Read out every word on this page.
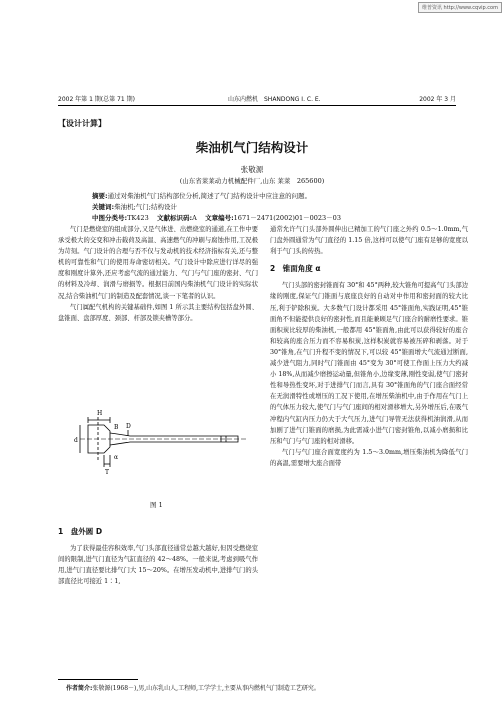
维普资讯 http://www.cqvip.com
2002 年第 1 期(总第 71 期)	山东内燃机　SHANDONG I. C. E.	2002 年 3 月
【设计计算】
柴油机气门结构设计
张敬源
(山东省莱莱动力机械配件厂,山东 莱莱　265600)
摘要:通过对柴油机气门结构部位分析,简述了气门结构设计中应注意的问题。
关键词:柴油机;气门;结构设计
中图分类号:TK423 文献标识码:A 文章编号:1671－2471(2002)01－0023－03

气门是燃烧室的组成部分,又是气体进、出燃烧室的通道,在工作中要承受极大的交变和冲击载荷及高温、高速燃气的冲刷与腐蚀作用,工况极为苛刻。气门设计的合理与否不仅与发动机的技术经济指标有关,还与整机的可靠性和气门的使用寿命密切相关。气门设计中除应进行详尽的强度和刚度计算外,还应考虑气流的通过能力、气门与气门座的密封、气门的材料及冷却、润滑与磨损等。根据目前国内柴油机气门设计的实际状况,结合柴油机气门的制造及配套情况,谈一下笔者的认识。

气门属配气机构的关键基础件,如图 1 所示其主要结构包括盘外圆、盘锥面、盘部厚度、颈部、杆部及锁夹槽等部分。

H
d
B D
α
T
图 1
1　盘外圆 D

为了获得最佳容积效率,气门头部直径通常总越大越好,但因受燃烧室间的限制,进气门直径为气缸直径的 42～48%。一般来说,考虑到吸气作用,进气门直径要比排气门大 15～20%。在增压发动机中,进排气门的头部直径比可接近 1∶1,

通常允许气门头部外圆伸出已精加工的气门座之外约 0.5～1.0mm,气门盘外圆通常为气门直径的 1.15 倍,这样可以使气门座有足够的宽度以利于气门头的传热。

2　锥面角度 α

气门头部的密封锥面有 30°和 45°两种,较大锥角可提高气门头部边缘的刚度,保证气门锥面与底座良好的自动对中作用和密封面的较大比压,利于铲除积炭。大多数气门设计都采用 45°锥面角,实践证明,45°锥面角不但能提供良好的密封性,而且能兼顾足气门座合的耐磨性要求。锥面积炭比较厚的柴油机,一般都用 45°锥面角,由此可以获得较好的座合和较高的座合压力而不容易积炭,这样积炭就容易被压碎和剥落。对于 30°锥角,在气门升程不变的情况下,可以较 45°锥面增大气流通过断面,减少进气阻力,同时气门锥面由 45°变为 30°可使工作面上压力大约减小 18%,从而减少磨擦运动量,但锥角小,边缘变薄,刚性变弱,使气门密封性和导热性变坏,对于进排气门而言,具有 30°锥面角的气门座合面经常在无润滑特性或增压的工况下使用,在增压柴油机中,由于作用在气门上的气体压力较大,使气门与气门座间的相对滑移增大,另外增压后,在吸气冲程内气缸内压力仍大于大气压力,进气门导管无法获得机油润滑,从而加剧了进气门锥面的磨损,为此需减小进气门密封锥角,以减小磨损和比压和气门与气门座的相对滑移。

气门与气门座合面宽度约为 1.5～3.0mm,增压柴油机为降低气门的高温,需要增大座合面带

作者简介:张敬源(1968－),男,山东乳山人,工程师,工学学士,主要从事内燃机气门制造工艺研究。
